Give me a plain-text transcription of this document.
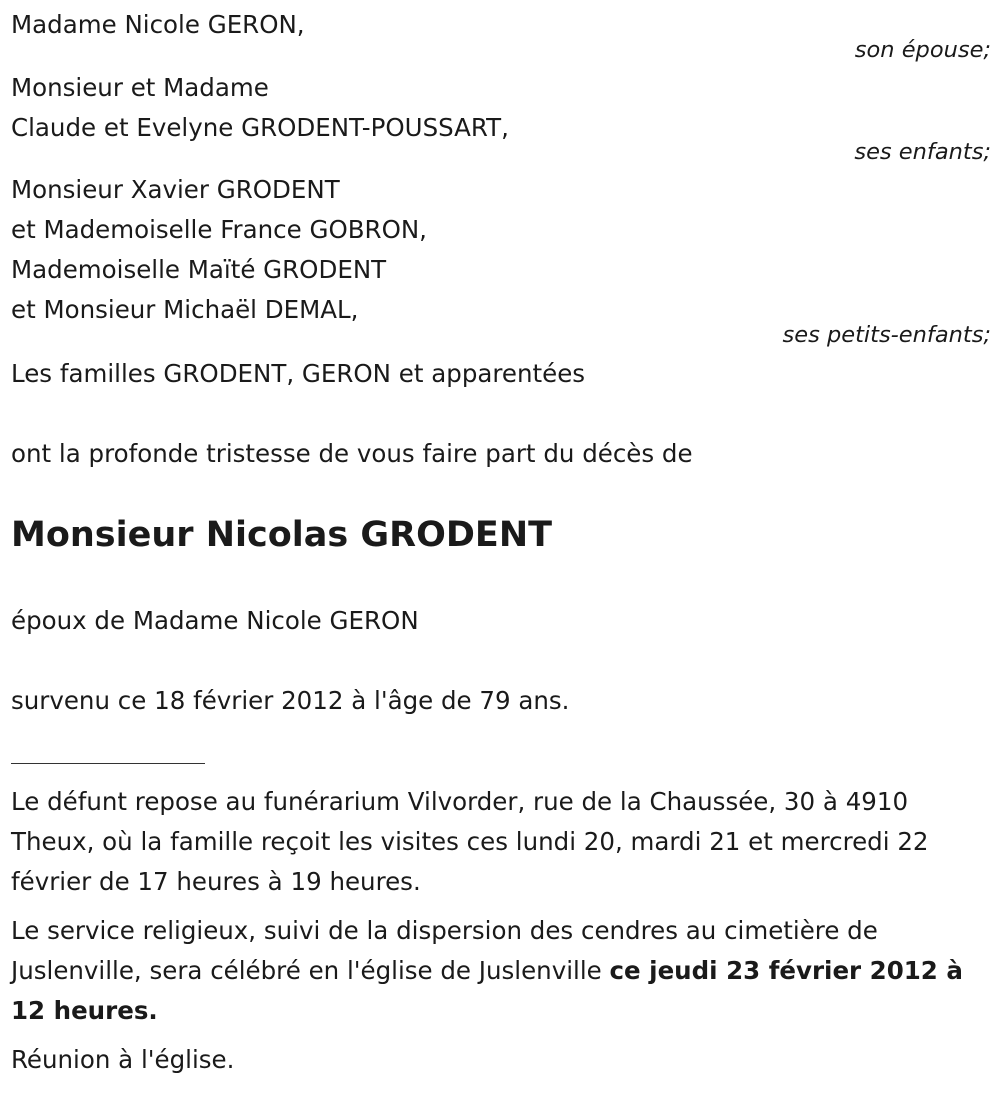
Madame Nicole GERON,
son épouse;
Monsieur et Madame
Claude et Evelyne GRODENT-POUSSART,
ses enfants;
Monsieur Xavier GRODENT
et Mademoiselle France GOBRON,
Mademoiselle Maïté GRODENT
et Monsieur Michaël DEMAL,
ses petits-enfants;
Les familles GRODENT, GERON et apparentées
ont la profonde tristesse de vous faire part du décès de
Monsieur Nicolas GRODENT
époux de Madame Nicole GERON
survenu ce 18 février 2012 à l'âge de 79 ans.
Le défunt repose au funérarium Vilvorder, rue de la Chaussée, 30 à 4910 Theux, où la famille reçoit les visites ces lundi 20, mardi 21 et mercredi 22 février de 17 heures à 19 heures.
Le service religieux, suivi de la dispersion des cendres au cimetière de Juslenville, sera célébré en l'église de Juslenville ce jeudi 23 février 2012 à 12 heures.
Réunion à l'église.
